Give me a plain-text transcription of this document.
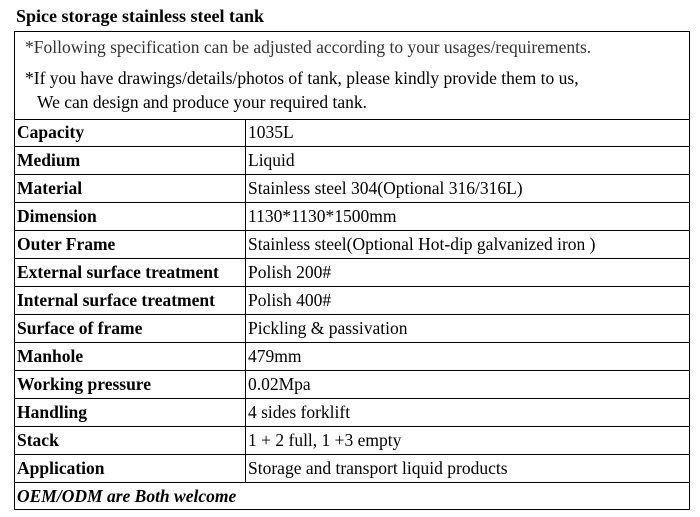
Spice storage stainless steel tank
*Following specification can be adjusted according to your usages/requirements.
*If you have drawings/details/photos of tank, please kindly provide them to us,
We can design and produce your required tank.
Capacity	1035L
Medium	Liquid
Material	Stainless steel 304(Optional 316/316L)
Dimension	1130*1130*1500mm
Outer Frame	Stainless steel(Optional Hot-dip galvanized iron )
External surface treatment	Polish 200#
Internal surface treatment	Polish 400#
Surface of frame	Pickling & passivation
Manhole	479mm
Working pressure	0.02Mpa
Handling	4 sides forklift
Stack	1 + 2 full, 1 +3 empty
Application	Storage and transport liquid products
OEM/ODM are Both welcome	
